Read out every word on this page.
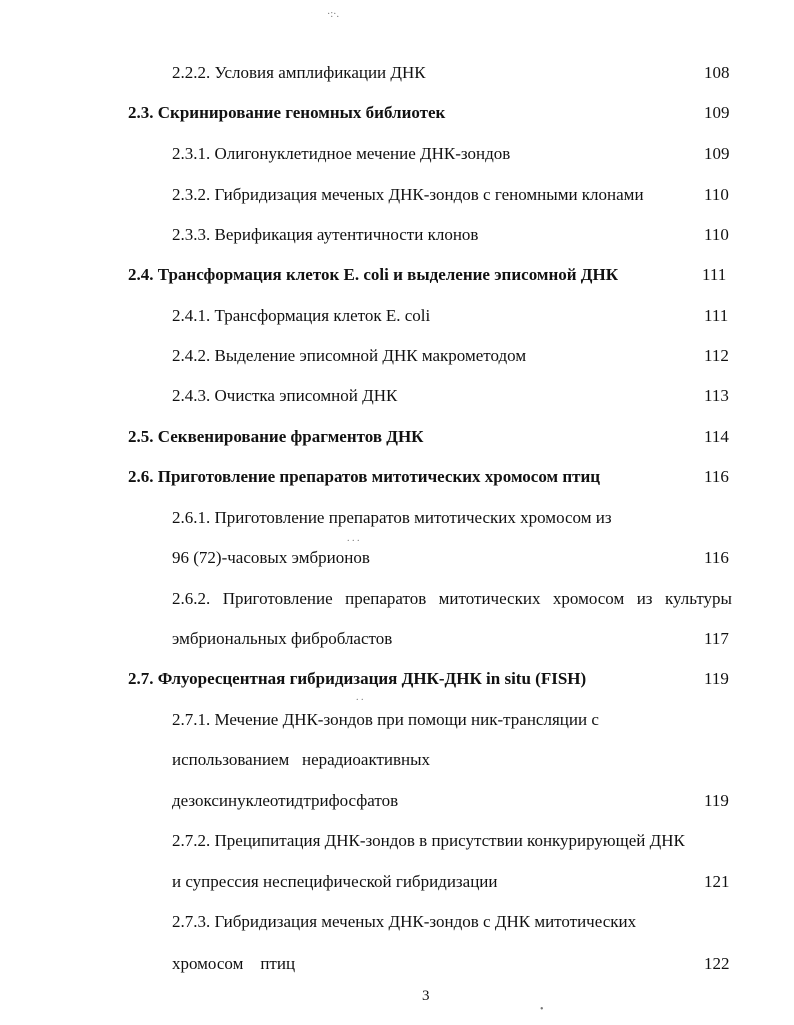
·:·.
. . .
. .
•
2.2.2. Условия амплификации ДНК	108
2.3. Скринирование геномных библиотек	109
2.3.1. Олигонуклетидное мечение ДНК-зондов	109
2.3.2. Гибридизация меченых ДНК-зондов с геномными клонами	110
2.3.3. Верификация аутентичности клонов	110
2.4. Трансформация клеток E. coli и выделение эписомной ДНК	111
2.4.1. Трансформация клеток E. coli	111
2.4.2. Выделение эписомной ДНК макрометодом	112
2.4.3. Очистка эписомной ДНК	113
2.5. Секвенирование фрагментов ДНК	114
2.6. Приготовление препаратов митотических хромосом птиц	116
2.6.1. Приготовление препаратов митотических хромосом из
96 (72)-часовых эмбрионов	116
2.6.2. Приготовление препаратов митотических хромосом из культуры
эмбриональных фибробластов	117
2.7. Флуоресцентная гибридизация ДНК-ДНК in situ (FISH)	119
2.7.1. Мечение ДНК-зондов при помощи ник-трансляции с
использованием   нерадиоактивных
дезоксинуклеотидтрифосфатов	119
2.7.2. Преципитация ДНК-зондов в присутствии конкурирующей ДНК
и супрессия неспецифической гибридизации	121
2.7.3. Гибридизация меченых ДНК-зондов с ДНК митотических
хромосом    птиц	122
3
